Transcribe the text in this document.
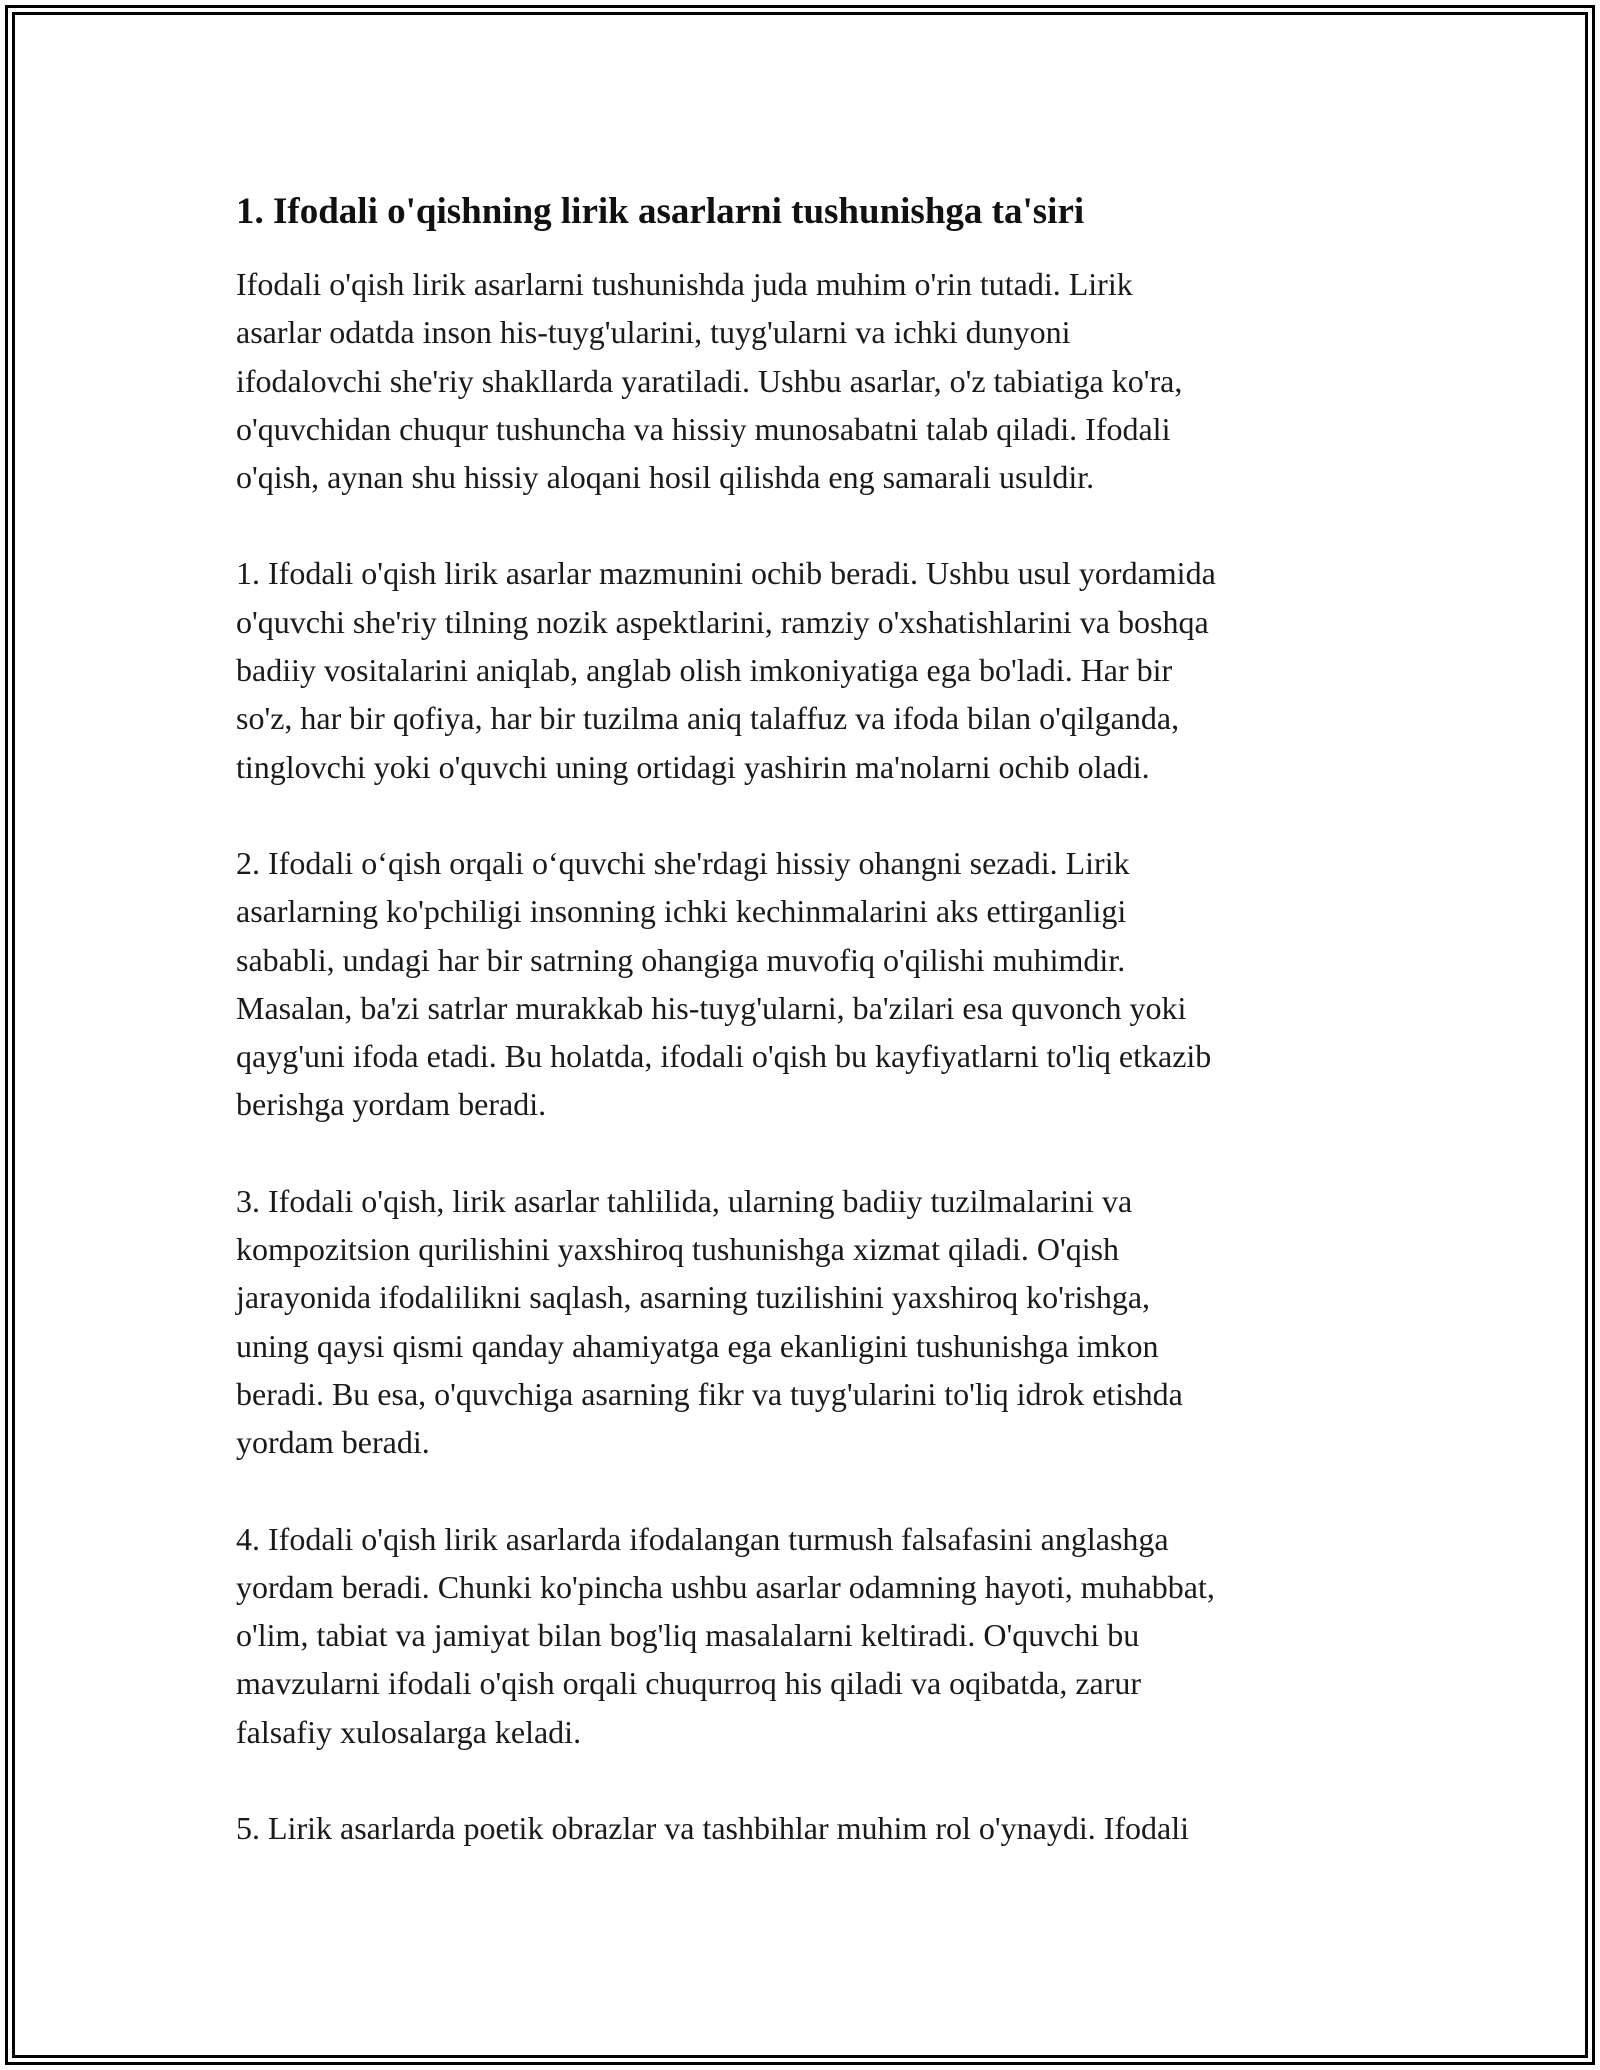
1. Ifodali o'qishning lirik asarlarni tushunishga ta'siri

Ifodali o'qish lirik asarlarni tushunishda juda muhim o'rin tutadi. Lirik
asarlar odatda inson his-tuyg'ularini, tuyg'ularni va ichki dunyoni
ifodalovchi she'riy shakllarda yaratiladi. Ushbu asarlar, o'z tabiatiga ko'ra,
o'quvchidan chuqur tushuncha va hissiy munosabatni talab qiladi. Ifodali
o'qish, aynan shu hissiy aloqani hosil qilishda eng samarali usuldir.

1. Ifodali o'qish lirik asarlar mazmunini ochib beradi. Ushbu usul yordamida
o'quvchi she'riy tilning nozik aspektlarini, ramziy o'xshatishlarini va boshqa
badiiy vositalarini aniqlab, anglab olish imkoniyatiga ega bo'ladi. Har bir
so'z, har bir qofiya, har bir tuzilma aniq talaffuz va ifoda bilan o'qilganda,
tinglovchi yoki o'quvchi uning ortidagi yashirin ma'nolarni ochib oladi.

2. Ifodali o‘qish orqali o‘quvchi she'rdagi hissiy ohangni sezadi. Lirik
asarlarning ko'pchiligi insonning ichki kechinmalarini aks ettirganligi
sababli, undagi har bir satrning ohangiga muvofiq o'qilishi muhimdir.
Masalan, ba'zi satrlar murakkab his-tuyg'ularni, ba'zilari esa quvonch yoki
qayg'uni ifoda etadi. Bu holatda, ifodali o'qish bu kayfiyatlarni to'liq etkazib
berishga yordam beradi.

3. Ifodali o'qish, lirik asarlar tahlilida, ularning badiiy tuzilmalarini va
kompozitsion qurilishini yaxshiroq tushunishga xizmat qiladi. O'qish
jarayonida ifodalilikni saqlash, asarning tuzilishini yaxshiroq ko'rishga,
uning qaysi qismi qanday ahamiyatga ega ekanligini tushunishga imkon
beradi. Bu esa, o'quvchiga asarning fikr va tuyg'ularini to'liq idrok etishda
yordam beradi.

4. Ifodali o'qish lirik asarlarda ifodalangan turmush falsafasini anglashga
yordam beradi. Chunki ko'pincha ushbu asarlar odamning hayoti, muhabbat,
o'lim, tabiat va jamiyat bilan bog'liq masalalarni keltiradi. O'quvchi bu
mavzularni ifodali o'qish orqali chuqurroq his qiladi va oqibatda, zarur
falsafiy xulosalarga keladi.

5. Lirik asarlarda poetik obrazlar va tashbihlar muhim rol o'ynaydi. Ifodali
